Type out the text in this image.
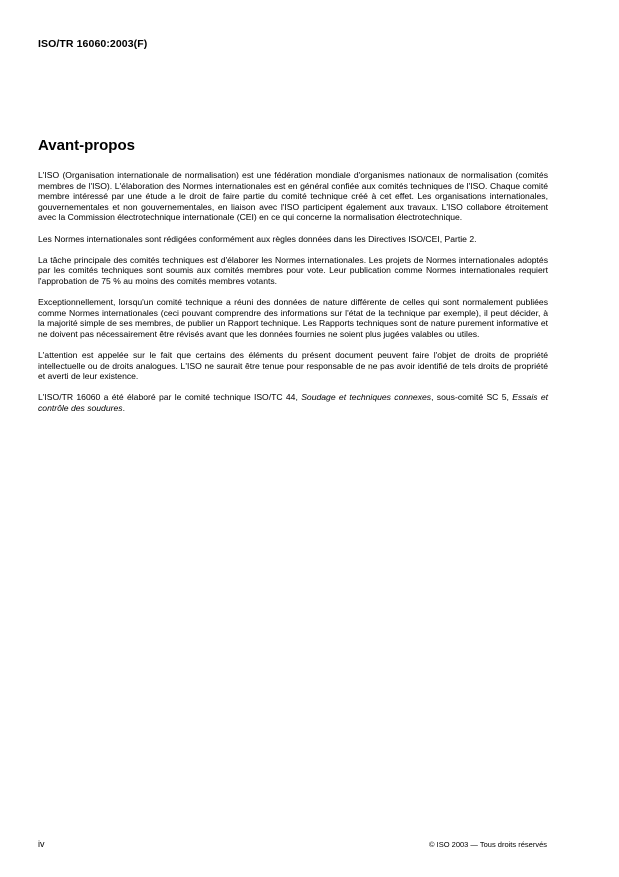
ISO/TR 16060:2003(F)
Avant-propos

L'ISO (Organisation internationale de normalisation) est une fédération mondiale d'organismes nationaux de normalisation (comités membres de l'ISO). L'élaboration des Normes internationales est en général confiée aux comités techniques de l'ISO. Chaque comité membre intéressé par une étude a le droit de faire partie du comité technique créé à cet effet. Les organisations internationales, gouvernementales et non gouvernementales, en liaison avec l'ISO participent également aux travaux. L'ISO collabore étroitement avec la Commission électrotechnique internationale (CEI) en ce qui concerne la normalisation électrotechnique.

Les Normes internationales sont rédigées conformément aux règles données dans les Directives ISO/CEI, Partie 2.

La tâche principale des comités techniques est d'élaborer les Normes internationales. Les projets de Normes internationales adoptés par les comités techniques sont soumis aux comités membres pour vote. Leur publication comme Normes internationales requiert l'approbation de 75 % au moins des comités membres votants.

Exceptionnellement, lorsqu'un comité technique a réuni des données de nature différente de celles qui sont normalement publiées comme Normes internationales (ceci pouvant comprendre des informations sur l'état de la technique par exemple), il peut décider, à la majorité simple de ses membres, de publier un Rapport technique. Les Rapports techniques sont de nature purement informative et ne doivent pas nécessairement être révisés avant que les données fournies ne soient plus jugées valables ou utiles.

L'attention est appelée sur le fait que certains des éléments du présent document peuvent faire l'objet de droits de propriété intellectuelle ou de droits analogues. L'ISO ne saurait être tenue pour responsable de ne pas avoir identifié de tels droits de propriété et averti de leur existence.

L'ISO/TR 16060 a été élaboré par le comité technique ISO/TC 44, Soudage et techniques connexes, sous-comité SC 5, Essais et contrôle des soudures.

iv	© ISO 2003 — Tous droits réservés
